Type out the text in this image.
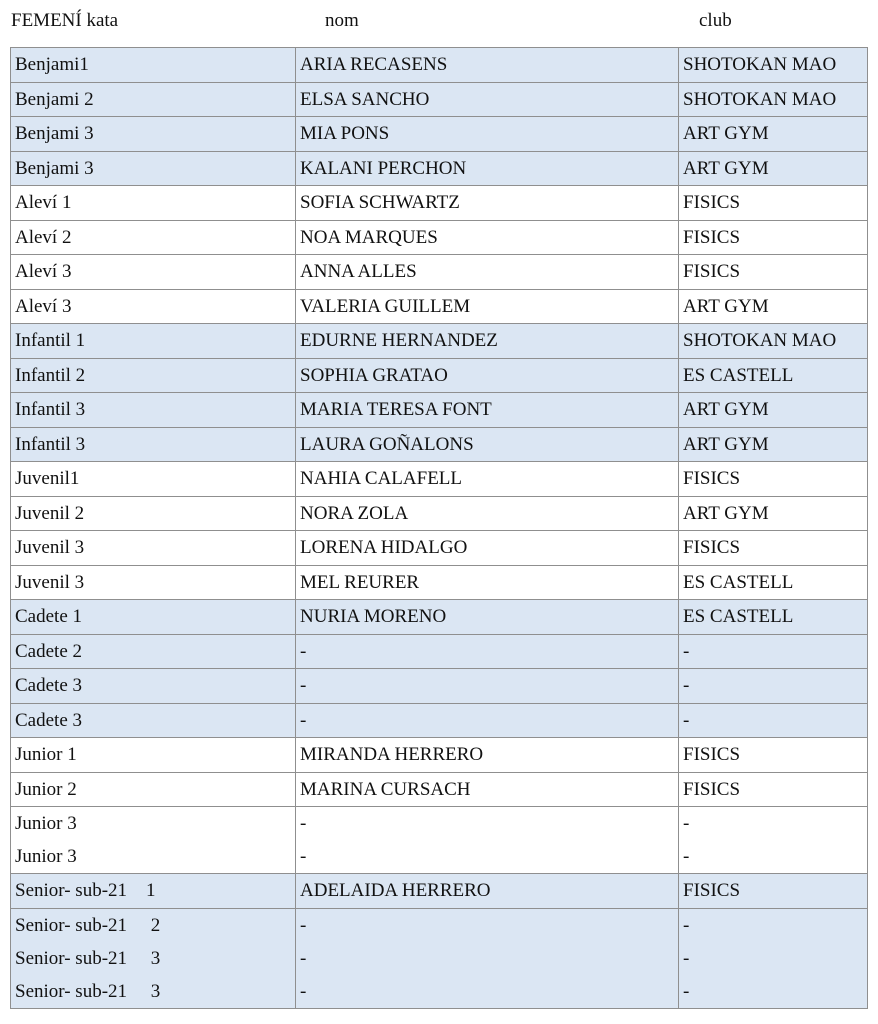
FEMENÍ kata	nom	club
Benjami1	ARIA RECASENS	SHOTOKAN MAO
Benjami 2	ELSA SANCHO	SHOTOKAN MAO
Benjami 3	MIA PONS	ART GYM
Benjami 3	KALANI PERCHON	ART GYM
Aleví 1	SOFIA SCHWARTZ	FISICS
Aleví 2	NOA MARQUES	FISICS
Aleví 3	ANNA ALLES	FISICS
Aleví 3	VALERIA GUILLEM	ART GYM
Infantil 1	EDURNE HERNANDEZ	SHOTOKAN MAO
Infantil 2	SOPHIA GRATAO	ES CASTELL
Infantil 3	MARIA TERESA FONT	ART GYM
Infantil 3	LAURA GOÑALONS	ART GYM
Juvenil1	NAHIA CALAFELL	FISICS
Juvenil 2	NORA ZOLA	ART GYM
Juvenil 3	LORENA HIDALGO	FISICS
Juvenil 3	MEL REURER	ES CASTELL
Cadete 1	NURIA MORENO	ES CASTELL
Cadete 2	-	-
Cadete 3	-	-
Cadete 3	-	-
Junior 1	MIRANDA HERRERO	FISICS
Junior 2	MARINA CURSACH	FISICS
Junior 3	-	-
Junior 3	-	-
Senior- sub-21    1	ADELAIDA HERRERO	FISICS
Senior- sub-21     2	-	-
Senior- sub-21     3	-	-
Senior- sub-21     3	-	-
